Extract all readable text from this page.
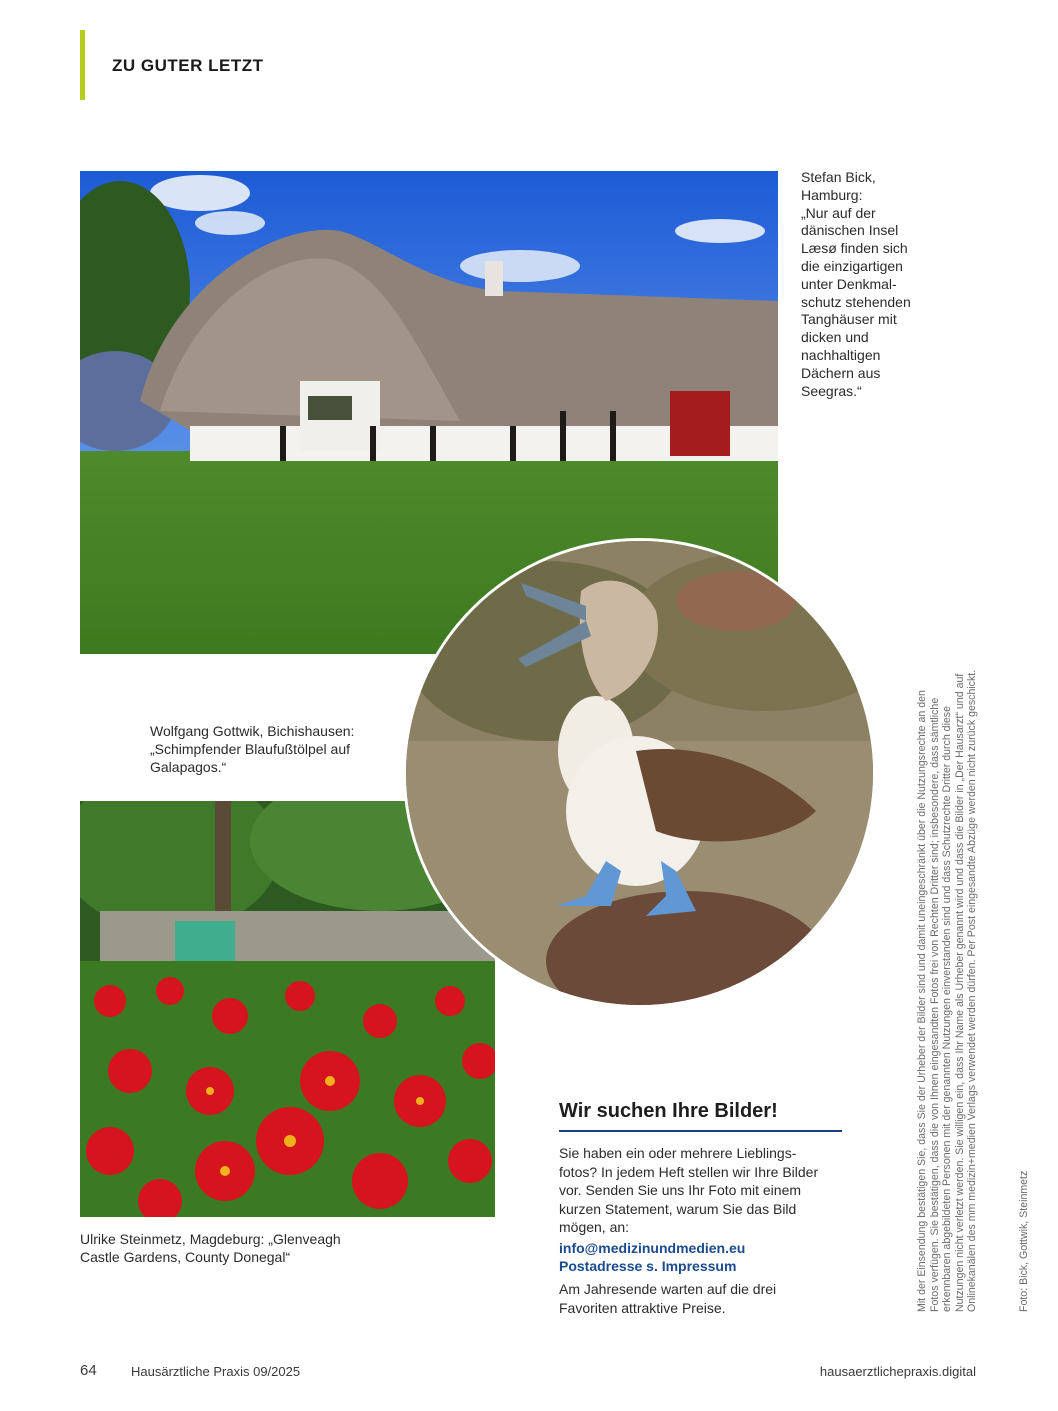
ZU GUTER LETZT
Stefan Bick,
Hamburg:
„Nur auf der
dänischen Insel
Læsø finden sich
die einzigartigen
unter Denkmal-
schutz stehenden
Tanghäuser mit
dicken und
nachhaltigen
Dächern aus
Seegras.“
Wolfgang Gottwik, Bichishausen:
„Schimpfender Blaufußtölpel auf
Galapagos.“
Ulrike Steinmetz, Magdeburg: „Glenveagh
Castle Gardens, County Donegal“
Wir suchen Ihre Bilder!
Sie haben ein oder mehrere Lieblings-
fotos? In jedem Heft stellen wir Ihre Bilder
vor. Senden Sie uns Ihr Foto mit einem
kurzen Statement, warum Sie das Bild
mögen, an:
info@medizinundmedien.eu
Postadresse s. Impressum
Am Jahresende warten auf die drei
Favoriten attraktive Preise.	Mit der Einsendung bestätigen Sie, dass Sie der Urheber der Bilder sind und damit uneingeschränkt über die Nutzungsrechte an den Fotos verfügen. Sie bestätigen, dass die von Ihnen eingesandten Fotos frei von Rechten Dritter sind; insbesondere, dass sämtliche erkennbaren abgebildeten Personen mit der genannten Nutzungen einverstanden sind und dass Schutzrechte Dritter durch diese Nutzungen nicht verletzt werden. Sie willigen ein, dass Ihr Name als Urheber genannt wird und dass die Bilder in „Der Hausarzt“ und auf Onlinekanälen des mm medizin+medien Verlags verwendet werden dürfen. Per Post eingesandte Abzüge werden nicht zurück geschickt.	Foto: Bick, Gottwik, Steinmetz
64	Hausärztliche Praxis 09/2025	hausaerztlichepraxis.digital
